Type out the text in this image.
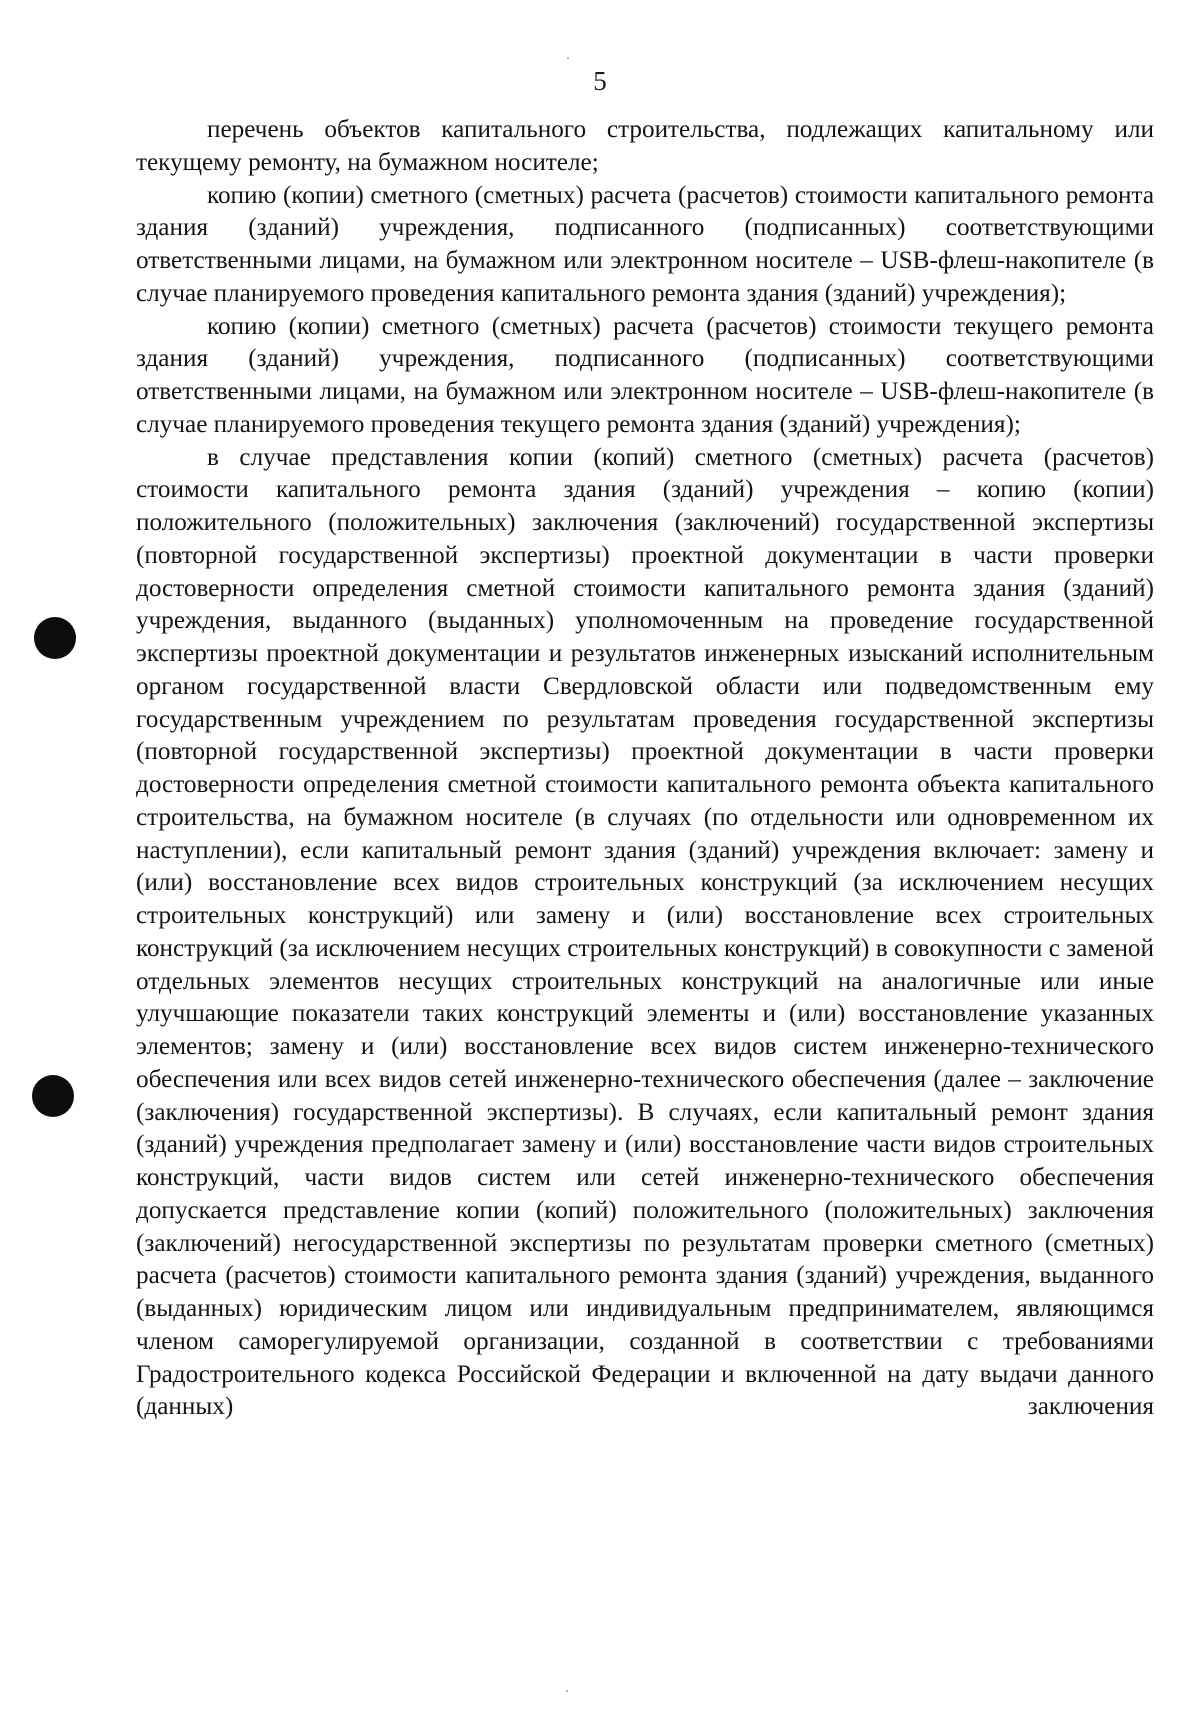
5

перечень объектов капитального строительства, подлежащих капитальному или текущему ремонту, на бумажном носителе;

копию (копии) сметного (сметных) расчета (расчетов) стоимости капитального ремонта здания (зданий) учреждения, подписанного (подписанных) соответствующими ответственными лицами, на бумажном или электронном носителе – USB-флеш-накопителе (в случае планируемого проведения капитального ремонта здания (зданий) учреждения);

копию (копии) сметного (сметных) расчета (расчетов) стоимости текущего ремонта здания (зданий) учреждения, подписанного (подписанных) соответствующими ответственными лицами, на бумажном или электронном носителе – USB-флеш-накопителе (в случае планируемого проведения текущего ремонта здания (зданий) учреждения);

в случае представления копии (копий) сметного (сметных) расчета (расчетов) стоимости капитального ремонта здания (зданий) учреждения – копию (копии) положительного (положительных) заключения (заключений) государственной экспертизы (повторной государственной экспертизы) проектной документации в части проверки достоверности определения сметной стоимости капитального ремонта здания (зданий) учреждения, выданного (выданных) уполномоченным на проведение государственной экспертизы проектной документации и результатов инженерных изысканий исполнительным органом государственной власти Свердловской области или подведомственным ему государственным учреждением по результатам проведения государственной экспертизы (повторной государственной экспертизы) проектной документации в части проверки достоверности определения сметной стоимости капитального ремонта объекта капитального строительства, на бумажном носителе (в случаях (по отдельности или одновременном их наступлении), если капитальный ремонт здания (зданий) учреждения включает: замену и (или) восстановление всех видов строительных конструкций (за исключением несущих строительных конструкций) или замену и (или) восстановление всех строительных конструкций (за исключением несущих строительных конструкций) в совокупности с заменой отдельных элементов несущих строительных конструкций на аналогичные или иные улучшающие показатели таких конструкций элементы и (или) восстановление указанных элементов; замену и (или) восстановление всех видов систем инженерно-технического обеспечения или всех видов сетей инженерно-технического обеспечения (далее – заключение (заключения) государственной экспертизы). В случаях, если капитальный ремонт здания (зданий) учреждения предполагает замену и (или) восстановление части видов строительных конструкций, части видов систем или сетей инженерно-технического обеспечения допускается представление копии (копий) положительного (положительных) заключения (заключений) негосударственной экспертизы по результатам проверки сметного (сметных) расчета (расчетов) стоимости капитального ремонта здания (зданий) учреждения, выданного (выданных) юридическим лицом или индивидуальным предпринимателем, являющимся членом саморегулируемой организации, созданной в соответствии с требованиями Градостроительного кодекса Российской Федерации и включенной на дату выдачи данного (данных) заключения
